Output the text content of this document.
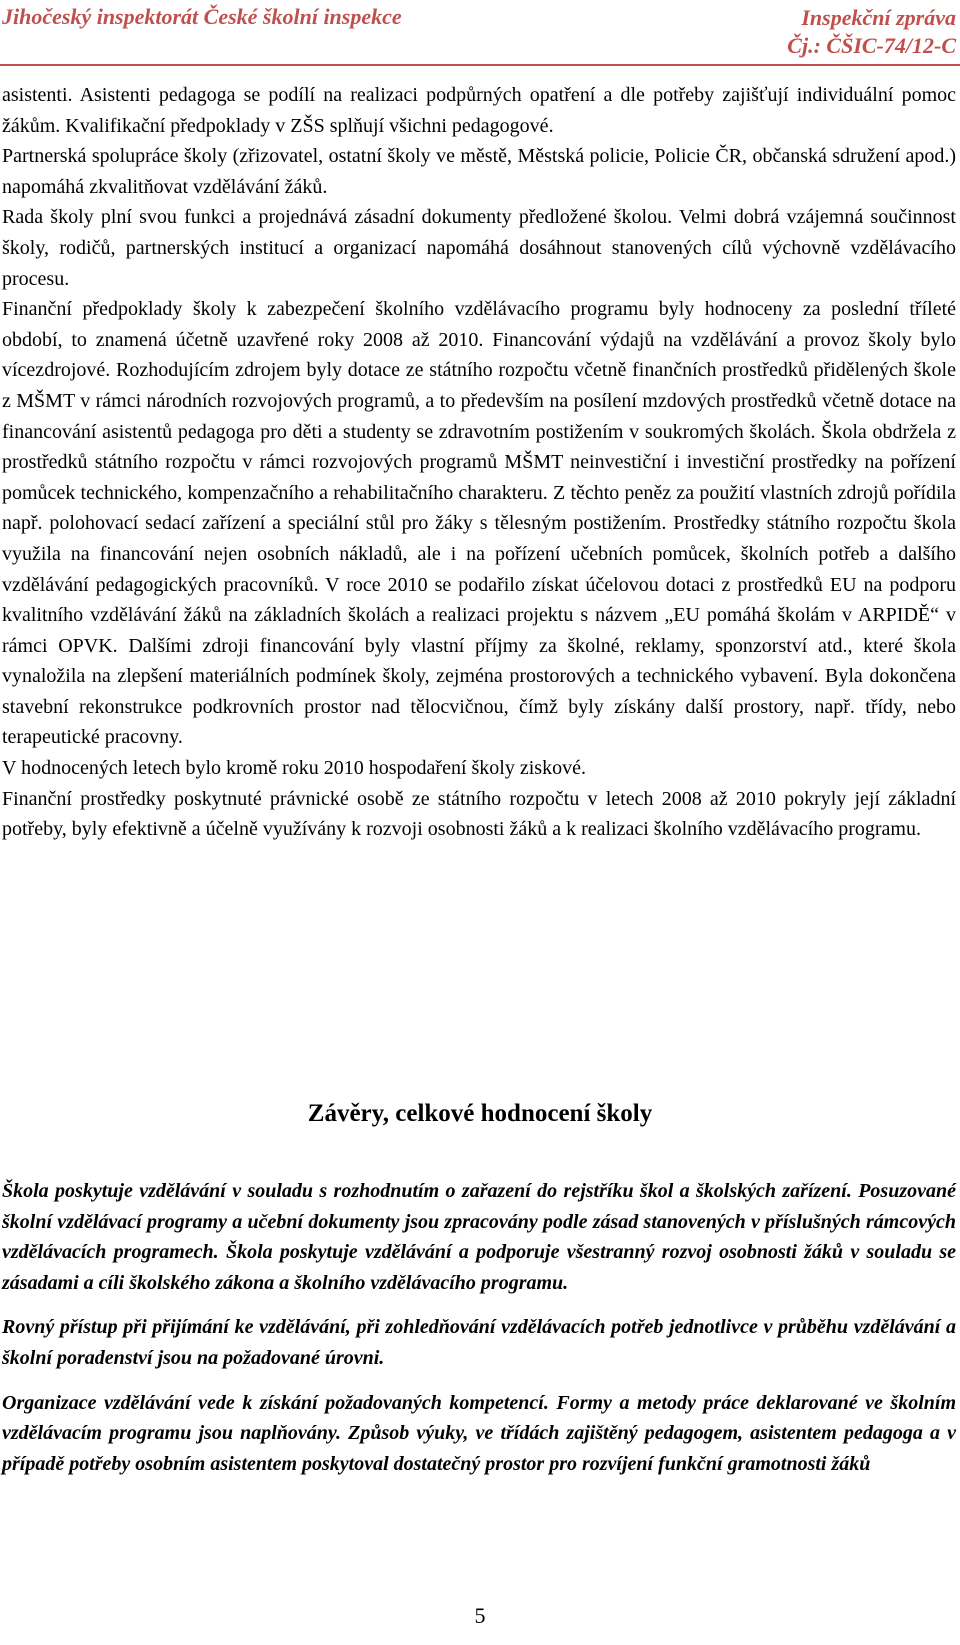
Jihočeský inspektorát České školní inspekce	Inspekční zpráva
Čj.: ČŠIC-74/12-C

asistenti. Asistenti pedagoga se podílí na realizaci podpůrných opatření a dle potřeby zajišťují individuální pomoc žákům. Kvalifikační předpoklady v ZŠS splňují všichni pedagogové.

Partnerská spolupráce školy (zřizovatel, ostatní školy ve městě, Městská policie, Policie ČR, občanská sdružení apod.) napomáhá zkvalitňovat vzdělávání žáků.

Rada školy plní svou funkci a projednává zásadní dokumenty předložené školou. Velmi dobrá vzájemná součinnost školy, rodičů, partnerských institucí a organizací napomáhá dosáhnout stanovených cílů výchovně vzdělávacího procesu.

Finanční předpoklady školy k zabezpečení školního vzdělávacího programu byly hodnoceny za poslední tříleté období, to znamená účetně uzavřené roky 2008 až 2010. Financování výdajů na vzdělávání a provoz školy bylo vícezdrojové. Rozhodujícím zdrojem byly dotace ze státního rozpočtu včetně finančních prostředků přidělených škole z MŠMT v rámci národních rozvojových programů, a to především na posílení mzdových prostředků včetně dotace na financování asistentů pedagoga pro děti a studenty se zdravotním postižením v soukromých školách. Škola obdržela z prostředků státního rozpočtu v rámci rozvojových programů MŠMT neinvestiční i investiční prostředky na pořízení pomůcek technického, kompenzačního a rehabilitačního charakteru. Z těchto peněz za použití vlastních zdrojů pořídila např. polohovací sedací zařízení a speciální stůl pro žáky s tělesným postižením. Prostředky státního rozpočtu škola využila na financování nejen osobních nákladů, ale i na pořízení učebních pomůcek, školních potřeb a dalšího vzdělávání pedagogických pracovníků. V roce 2010 se podařilo získat účelovou dotaci z prostředků EU na podporu kvalitního vzdělávání žáků na základních školách a realizaci projektu s názvem „EU pomáhá školám v ARPIDĚ“ v rámci OPVK. Dalšími zdroji financování byly vlastní příjmy za školné, reklamy, sponzorství atd., které škola vynaložila na zlepšení materiálních podmínek školy, zejména prostorových a technického vybavení. Byla dokončena stavební rekonstrukce podkrovních prostor nad tělocvičnou, čímž byly získány další prostory, např. třídy, nebo terapeutické pracovny.

V hodnocených letech bylo kromě roku 2010 hospodaření školy ziskové.

Finanční prostředky poskytnuté právnické osobě ze státního rozpočtu v letech 2008 až 2010 pokryly její základní potřeby, byly efektivně a účelně využívány k rozvoji osobnosti žáků a k realizaci školního vzdělávacího programu.

Závěry, celkové hodnocení školy

Škola poskytuje vzdělávání v souladu s rozhodnutím o zařazení do rejstříku škol a školských zařízení. Posuzované školní vzdělávací programy a učební dokumenty jsou zpracovány podle zásad stanovených v příslušných rámcových vzdělávacích programech. Škola poskytuje vzdělávání a podporuje všestranný rozvoj osobnosti žáků v souladu se zásadami a cíli školského zákona a školního vzdělávacího programu.

Rovný přístup při přijímání ke vzdělávání, při zohledňování vzdělávacích potřeb jednotlivce v průběhu vzdělávání a školní poradenství jsou na požadované úrovni.

Organizace vzdělávání vede k získání požadovaných kompetencí. Formy a metody práce deklarované ve školním vzdělávacím programu jsou naplňovány. Způsob výuky, ve třídách zajištěný pedagogem, asistentem pedagoga a v případě potřeby osobním asistentem poskytoval dostatečný prostor pro rozvíjení funkční gramotnosti žáků

5
